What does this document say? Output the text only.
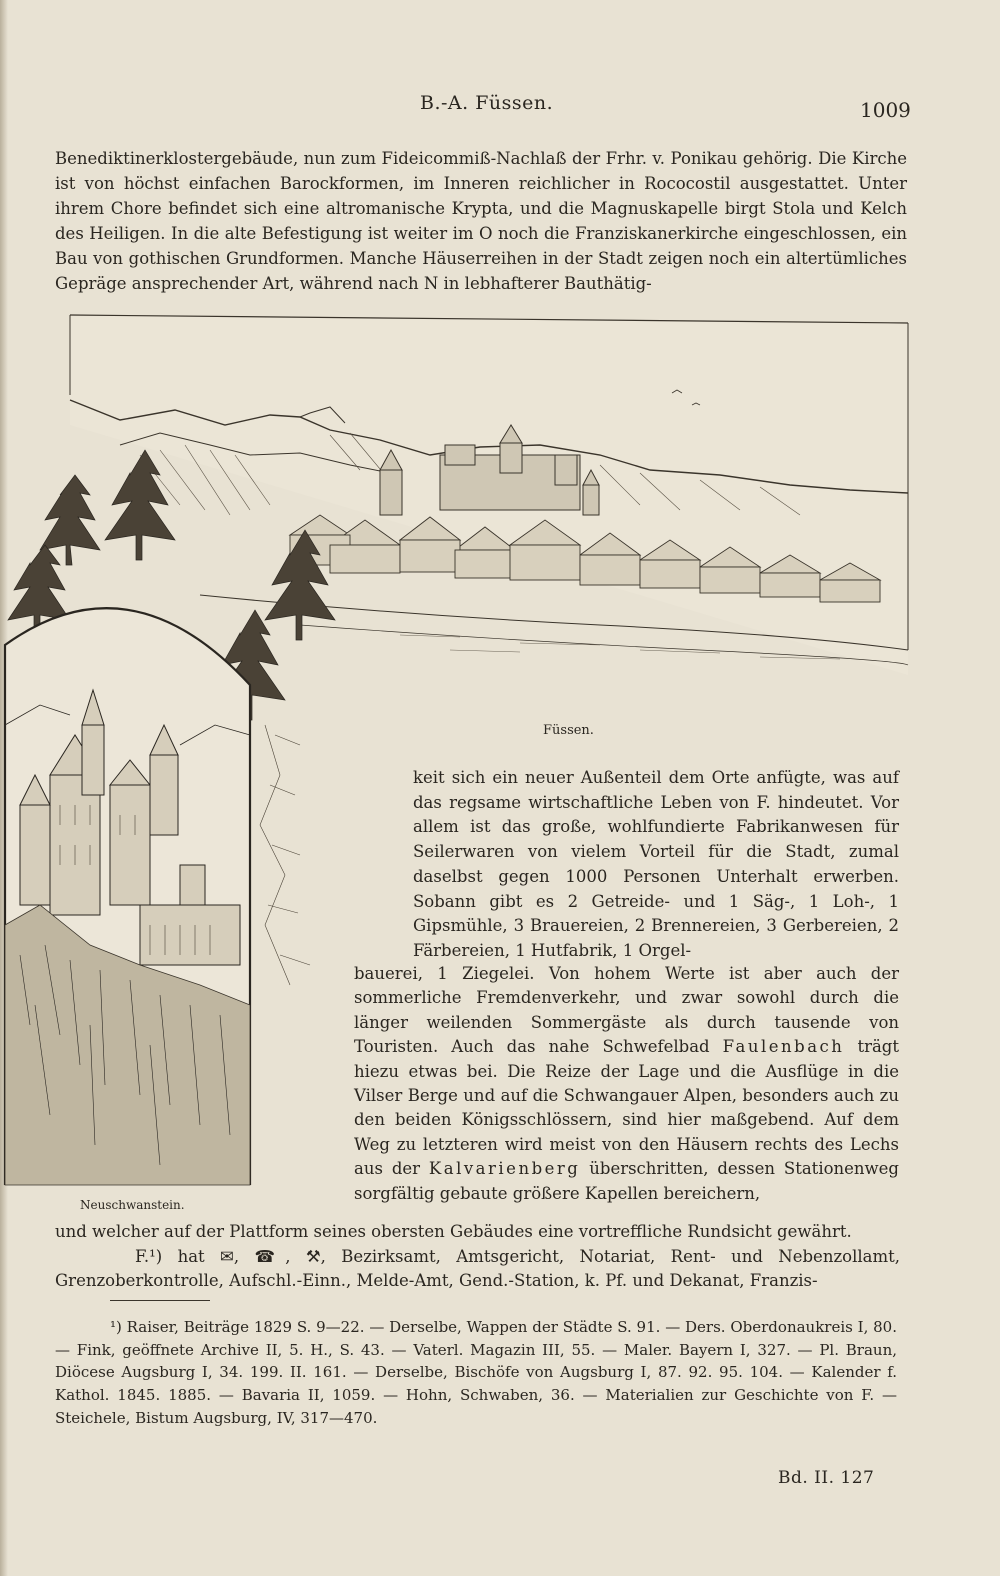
B.-A. Füssen.	1009

Benediktinerklostergebäude, nun zum Fideicommiß-Nachlaß der Frhr. v. Ponikau gehörig. Die Kirche ist von höchst einfachen Barockformen, im Inneren reichlicher in Rococostil ausgestattet. Unter ihrem Chore befindet sich eine altromanische Krypta, und die Magnuskapelle birgt Stola und Kelch des Heiligen. In die alte Befestigung ist weiter im O noch die Franziskanerkirche eingeschlossen, ein Bau von gothischen Grundformen. Manche Häuserreihen in der Stadt zeigen noch ein altertümliches Gepräge ansprechender Art, während nach N in lebhafterer Bauthätig-

Füssen.
Neuschwanstein.

keit sich ein neuer Außenteil dem Orte anfügte, was auf das regsame wirtschaftliche Leben von F. hindeutet. Vor allem ist das große, wohlfundierte Fabrikanwesen für Seilerwaren von vielem Vorteil für die Stadt, zumal daselbst gegen 1000 Personen Unterhalt erwerben. Sobann gibt es 2 Getreide- und 1 Säg-, 1 Loh-, 1 Gipsmühle, 3 Brauereien, 2 Brennereien, 3 Gerbereien, 2 Färbereien, 1 Hutfabrik, 1 Orgel-

bauerei, 1 Ziegelei. Von hohem Werte ist aber auch der sommerliche Fremdenverkehr, und zwar sowohl durch die länger weilenden Sommergäste als durch tausende von Touristen. Auch das nahe Schwefelbad Faulenbach trägt hiezu etwas bei. Die Reize der Lage und die Ausflüge in die Vilser Berge und auf die Schwangauer Alpen, besonders auch zu den beiden Königsschlössern, sind hier maßgebend. Auf dem Weg zu letzteren wird meist von den Häusern rechts des Lechs aus der Kalvarienberg überschritten, dessen Stationenweg sorgfältig gebaute größere Kapellen bereichern,

und welcher auf der Plattform seines obersten Gebäudes eine vortreffliche Rundsicht gewährt.

F.¹) hat ✉, ☎, ⚒, Bezirksamt, Amtsgericht, Notariat, Rent- und Nebenzollamt, Grenzoberkontrolle, Aufschl.-Einn., Melde-Amt, Gend.-Station, k. Pf. und Dekanat, Franzis-

¹) Raiser, Beiträge 1829 S. 9—22. — Derselbe, Wappen der Städte S. 91. — Ders. Oberdonaukreis I, 80. — Fink, geöffnete Archive II, 5. H., S. 43. — Vaterl. Magazin III, 55. — Maler. Bayern I, 327. — Pl. Braun, Diöcese Augsburg I, 34. 199. II. 161. — Derselbe, Bischöfe von Augsburg I, 87. 92. 95. 104. — Kalender f. Kathol. 1845. 1885. — Bavaria II, 1059. — Hohn, Schwaben, 36. — Materialien zur Geschichte von F. — Steichele, Bistum Augsburg, IV, 317—470.

Bd. II. 127
